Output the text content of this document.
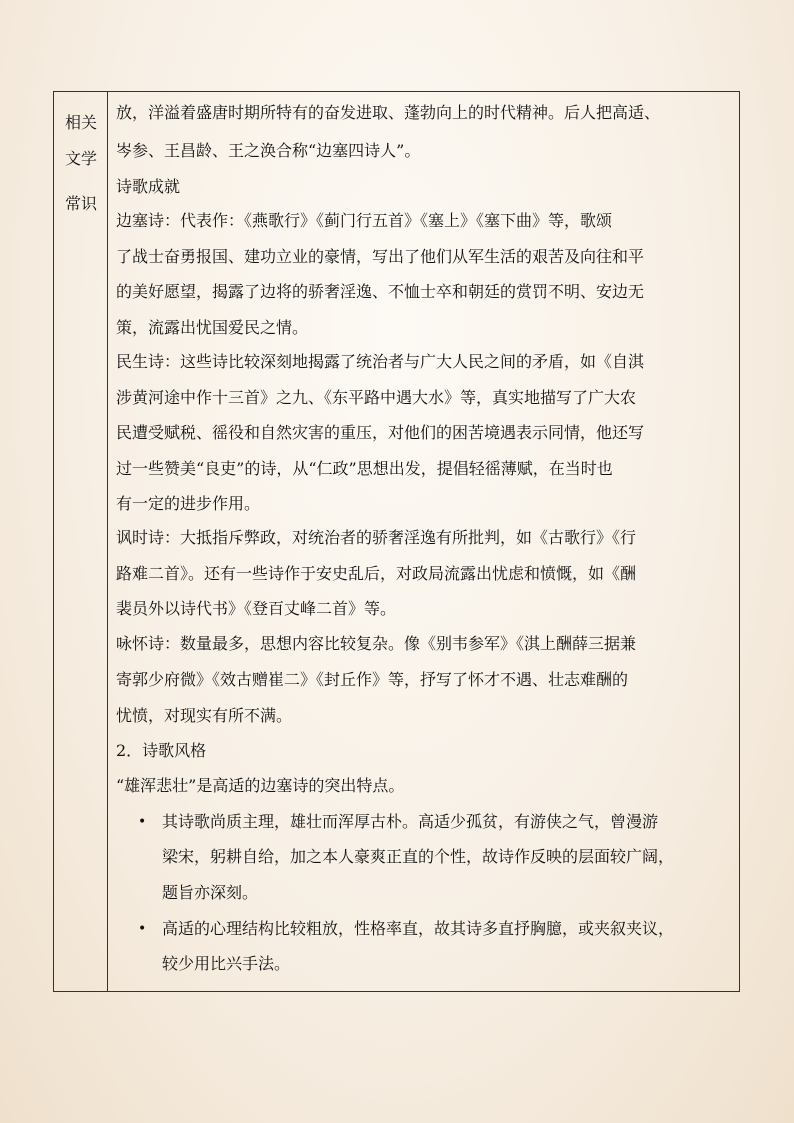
相关
文学
常识
放，洋溢着盛唐时期所特有的奋发进取、蓬勃向上的时代精神。后人把高适、
岑参、王昌龄、王之涣合称“边塞四诗人”。
诗歌成就
边塞诗：代表作：《燕歌行》《蓟门行五首》《塞上》《塞下曲》等，歌颂
了战士奋勇报国、建功立业的豪情，写出了他们从军生活的艰苦及向往和平
的美好愿望，揭露了边将的骄奢淫逸、不恤士卒和朝廷的赏罚不明、安边无
策，流露出忧国爱民之情。
民生诗：这些诗比较深刻地揭露了统治者与广大人民之间的矛盾，如《自淇
涉黄河途中作十三首》之九、《东平路中遇大水》等，真实地描写了广大农
民遭受赋税、徭役和自然灾害的重压，对他们的困苦境遇表示同情，他还写
过一些赞美“良吏”的诗，从“仁政”思想出发，提倡轻徭薄赋，在当时也
有一定的进步作用。
讽时诗：大抵指斥弊政，对统治者的骄奢淫逸有所批判，如《古歌行》《行
路难二首》。还有一些诗作于安史乱后，对政局流露出忧虑和愤慨，如《酬
裴员外以诗代书》《登百丈峰二首》等。
咏怀诗：数量最多，思想内容比较复杂。像《别韦参军》《淇上酬薛三据兼
寄郭少府微》《效古赠崔二》《封丘作》等，抒写了怀才不遇、壮志难酬的
忧愤，对现实有所不满。
2．诗歌风格
“雄浑悲壮”是高适的边塞诗的突出特点。
• 其诗歌尚质主理，雄壮而浑厚古朴。高适少孤贫，有游侠之气，曾漫游
梁宋，躬耕自给，加之本人豪爽正直的个性，故诗作反映的层面较广阔，
题旨亦深刻。
• 高适的心理结构比较粗放，性格率直，故其诗多直抒胸臆，或夹叙夹议，
较少用比兴手法。
